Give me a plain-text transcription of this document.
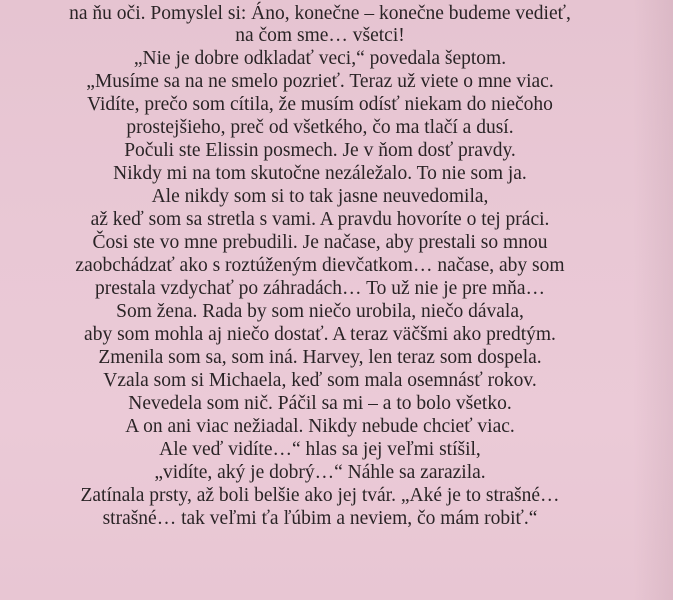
na ňu oči. Pomyslel si: Áno, konečne – konečne budeme vedieť,
na čom sme… všetci!
„Nie je dobre odkladať veci,“ povedala šeptom.
„Musíme sa na ne smelo pozrieť. Teraz už viete o mne viac.
Vidíte, prečo som cítila, že musím odísť niekam do niečoho
prostejšieho, preč od všetkého, čo ma tlačí a dusí.
Počuli ste Elissin posmech. Je v ňom dosť pravdy.
Nikdy mi na tom skutočne nezáležalo. To nie som ja.
Ale nikdy som si to tak jasne neuvedomila,
až keď som sa stretla s vami. A pravdu hovoríte o tej práci.
Čosi ste vo mne prebudili. Je načase, aby prestali so mnou
zaobchádzať ako s roztúženým dievčatkom… načase, aby som
prestala vzdychať po záhradách… To už nie je pre mňa…
Som žena. Rada by som niečo urobila, niečo dávala,
aby som mohla aj niečo dostať. A teraz väčšmi ako predtým.
Zmenila som sa, som iná. Harvey, len teraz som dospela.
Vzala som si Michaela, keď som mala osemnásť rokov.
Nevedela som nič. Páčil sa mi – a to bolo všetko.
A on ani viac nežiadal. Nikdy nebude chcieť viac.
Ale veď vidíte…“ hlas sa jej veľmi stíšil,
„vidíte, aký je dobrý…“ Náhle sa zarazila.
Zatínala prsty, až boli belšie ako jej tvár. „Aké je to strašné…
strašné… tak veľmi ťa ľúbim a neviem, čo mám robiť.“
